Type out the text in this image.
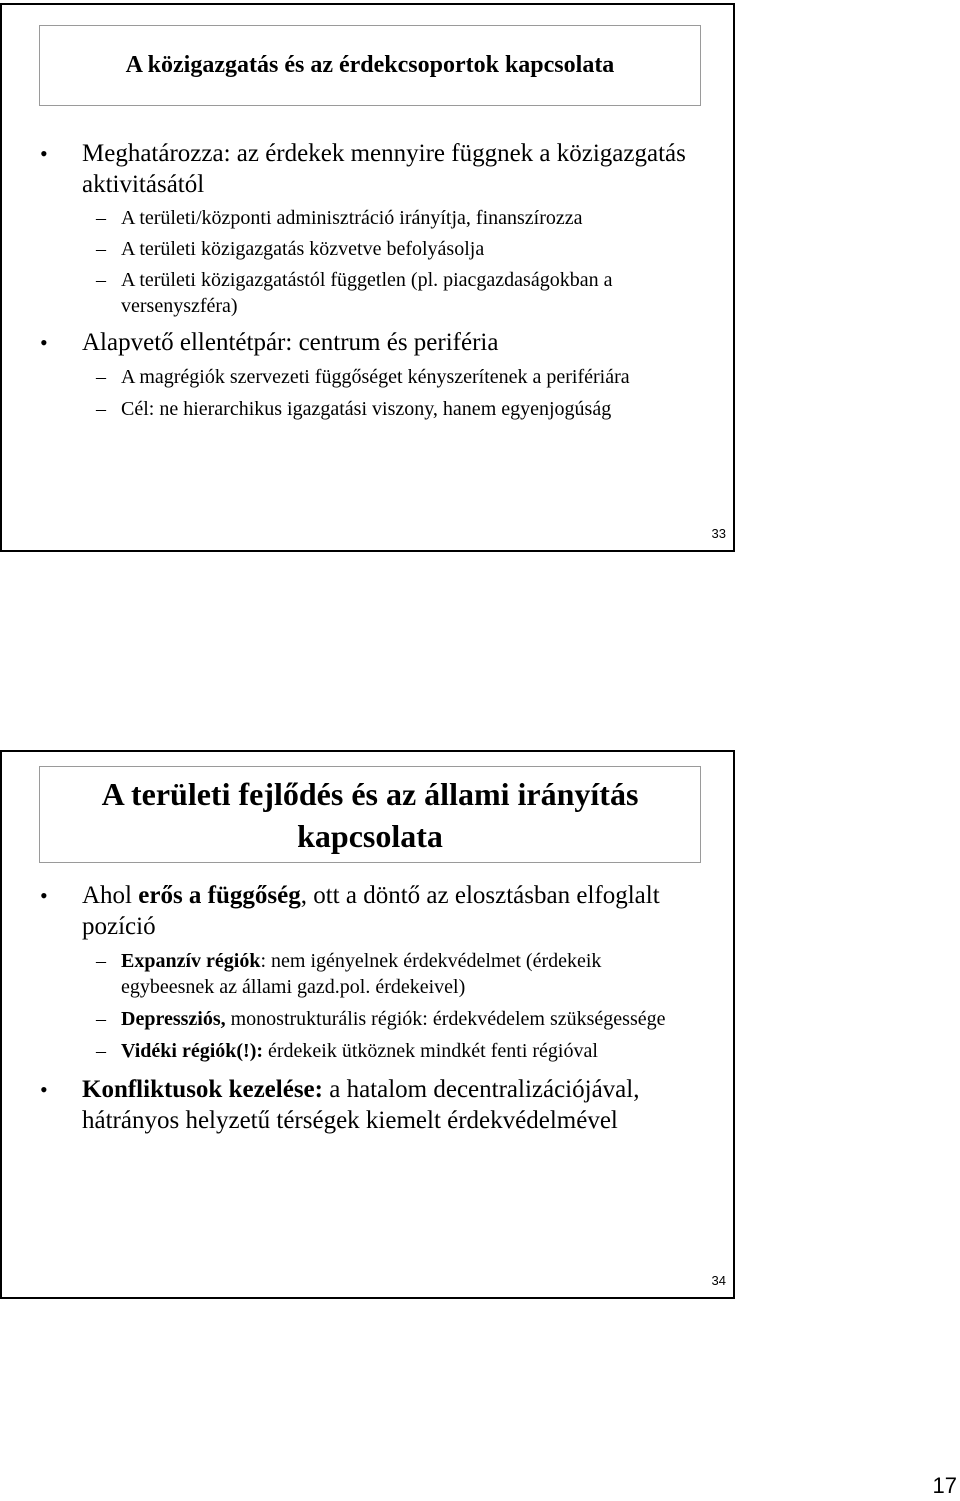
A közigazgatás és az érdekcsoportok kapcsolata
• Meghatározza: az érdekek mennyire függnek a közigazgatás aktivitásától
– A területi/központi adminisztráció irányítja, finanszírozza
– A területi közigazgatás közvetve befolyásolja
– A területi közigazgatástól független (pl. piacgazdaságokban a versenyszféra)
• Alapvető ellentétpár: centrum és periféria
– A magrégiók szervezeti függőséget kényszerítenek a perifériára
– Cél: ne hierarchikus igazgatási viszony, hanem egyenjogúság
33
A területi fejlődés és az állami irányítás kapcsolata
• Ahol erős a függőség, ott a döntő az elosztásban elfoglalt pozíció
– Expanzív régiók: nem igényelnek érdekvédelmet (érdekeik egybeesnek az állami gazd.pol. érdekeivel)
– Depressziós, monostrukturális régiók: érdekvédelem szükségessége
– Vidéki régiók(!): érdekeik ütköznek mindkét fenti régióval
• Konfliktusok kezelése: a hatalom decentralizációjával, hátrányos helyzetű térségek kiemelt érdekvédelmével
34
17
